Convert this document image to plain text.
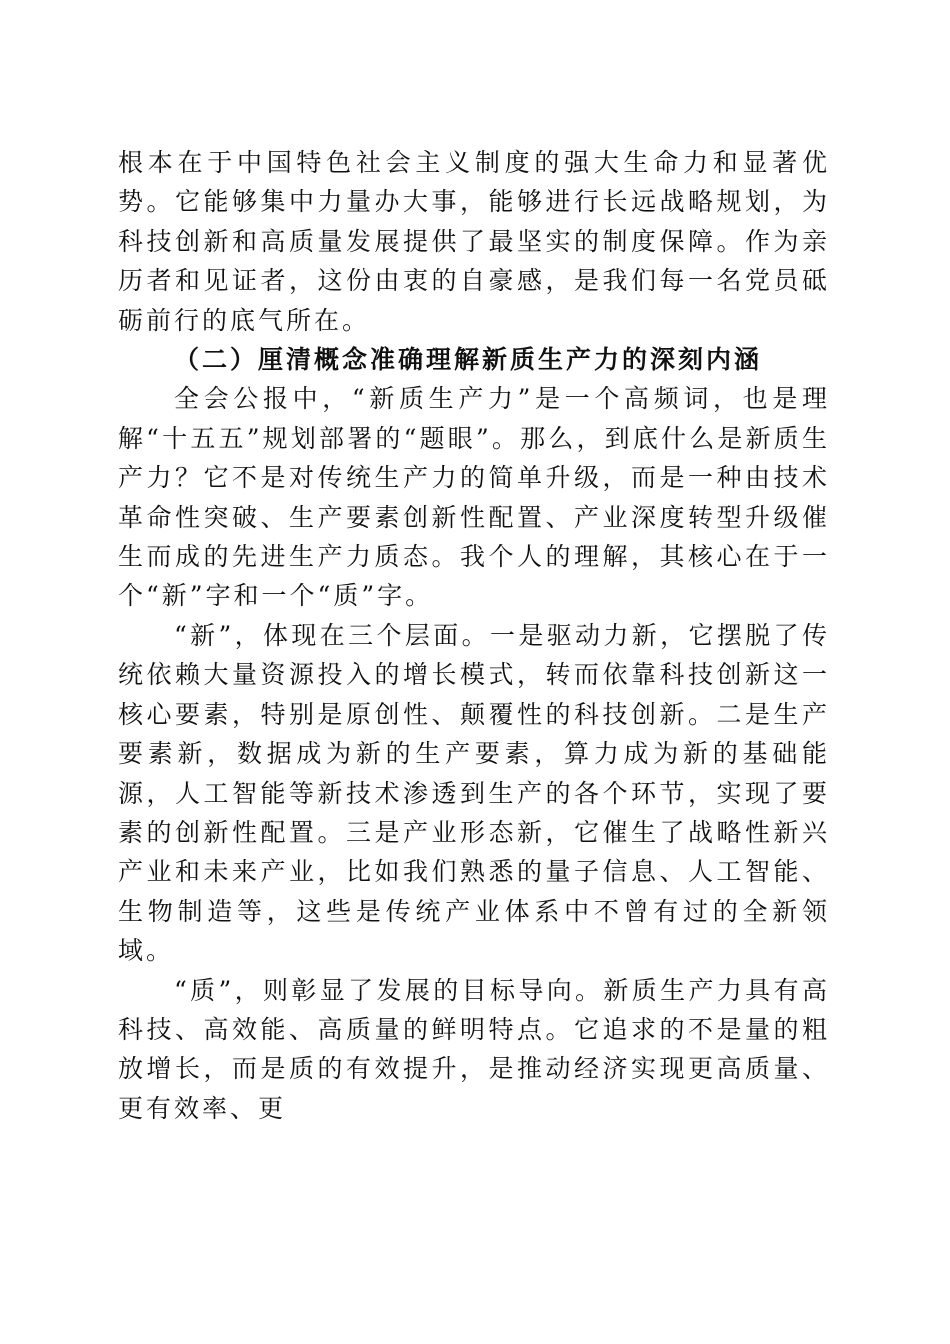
根本在于中国特色社会主义制度的强大生命力和显著优势。它能够集中力量办大事，能够进行长远战略规划，为科技创新和高质量发展提供了最坚实的制度保障。作为亲历者和见证者，这份由衷的自豪感，是我们每一名党员砥砺前行的底气所在。

（二）厘清概念准确理解新质生产力的深刻内涵

全会公报中，“新质生产力”是一个高频词，也是理解“十五五”规划部署的“题眼”。那么，到底什么是新质生产力？它不是对传统生产力的简单升级，而是一种由技术革命性突破、生产要素创新性配置、产业深度转型升级催生而成的先进生产力质态。我个人的理解，其核心在于一个“新”字和一个“质”字。

“新”，体现在三个层面。一是驱动力新，它摆脱了传统依赖大量资源投入的增长模式，转而依靠科技创新这一核心要素，特别是原创性、颠覆性的科技创新。二是生产要素新，数据成为新的生产要素，算力成为新的基础能源，人工智能等新技术渗透到生产的各个环节，实现了要素的创新性配置。三是产业形态新，它催生了战略性新兴产业和未来产业，比如我们熟悉的量子信息、人工智能、生物制造等，这些是传统产业体系中不曾有过的全新领域。

“质”，则彰显了发展的目标导向。新质生产力具有高科技、高效能、高质量的鲜明特点。它追求的不是量的粗放增长，而是质的有效提升，是推动经济实现更高质量、更有效率、更
